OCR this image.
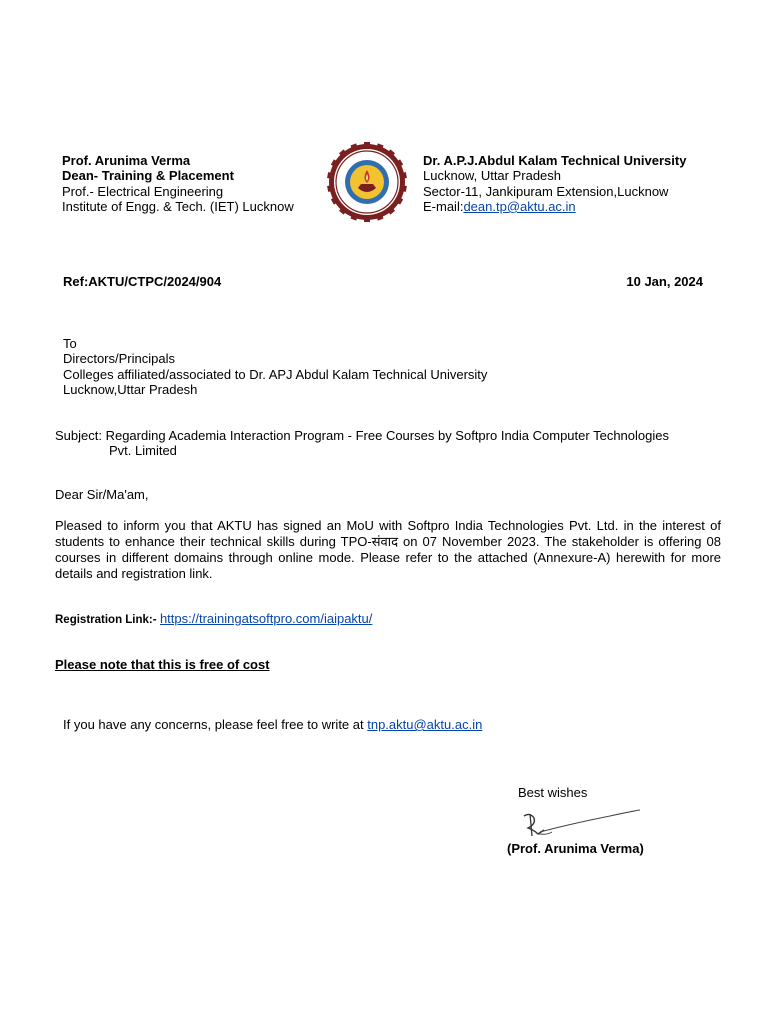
Prof. Arunima Verma
Dean- Training & Placement
Prof.- Electrical Engineering
Institute of Engg. & Tech. (IET) Lucknow
Dr. A.P.J.Abdul Kalam Technical University
Lucknow, Uttar Pradesh
Sector-11, Jankipuram Extension,Lucknow
E-mail:dean.tp@aktu.ac.in
Ref:AKTU/CTPC/2024/904	10 Jan, 2024
To
Directors/Principals
Colleges affiliated/associated to Dr. APJ Abdul Kalam Technical University
Lucknow,Uttar Pradesh
Subject: Regarding Academia Interaction Program - Free Courses by Softpro India Computer Technologies
Pvt. Limited
Dear Sir/Ma'am,
Pleased to inform you that AKTU has signed an MoU with Softpro India Technologies Pvt. Ltd. in the interest of students to enhance their technical skills during TPO-संवाद on 07 November 2023. The stakeholder is offering 08 courses in different domains through online mode. Please refer to the attached (Annexure-A) herewith for more details and registration link.
Registration Link:- https://trainingatsoftpro.com/iaipaktu/
Please note that this is free of cost
If you have any concerns, please feel free to write at tnp.aktu@aktu.ac.in
Best wishes
(Prof. Arunima Verma)
